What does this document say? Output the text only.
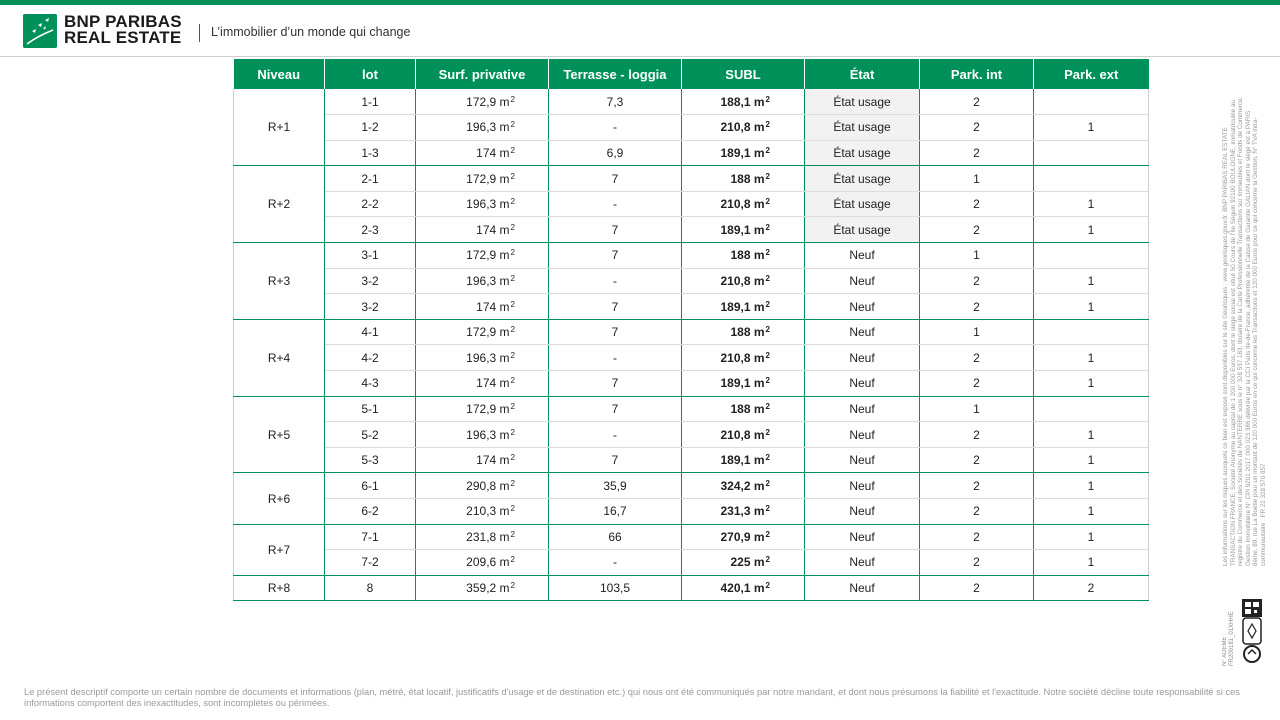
BNP PARIBAS
REAL ESTATE L’immobilier d’un monde qui change
Niveau	lot	Surf. privative	Terrasse - loggia	SUBL	État	Park. int	Park. ext
R+1	1-1	172,9 $m^2$	7,3	188,1 $m^2$	État usage	2	
	1-2	196,3 $m^2$	-	210,8 $m^2$	État usage	2	1
	1-3	174 $m^2$	6,9	189,1 $m^2$	État usage	2	
R+2	2-1	172,9 $m^2$	7	188 $m^2$	État usage	1	
	2-2	196,3 $m^2$	-	210,8 $m^2$	État usage	2	1
	2-3	174 $m^2$	7	189,1 $m^2$	État usage	2	1
R+3	3-1	172,9 $m^2$	7	188 $m^2$	Neuf	1	
	3-2	196,3 $m^2$	-	210,8 $m^2$	Neuf	2	1
	3-2	174 $m^2$	7	189,1 $m^2$	Neuf	2	1
R+4	4-1	172,9 $m^2$	7	188 $m^2$	Neuf	1	
	4-2	196,3 $m^2$	-	210,8 $m^2$	Neuf	2	1
	4-3	174 $m^2$	7	189,1 $m^2$	Neuf	2	1
R+5	5-1	172,9 $m^2$	7	188 $m^2$	Neuf	1	
	5-2	196,3 $m^2$	-	210,8 $m^2$	Neuf	2	1
	5-3	174 $m^2$	7	189,1 $m^2$	Neuf	2	1
R+6	6-1	290,8 $m^2$	35,9	324,2 $m^2$	Neuf	2	1
	6-2	210,3 $m^2$	16,7	231,3 $m^2$	Neuf	2	1
R+7	7-1	231,8 $m^2$	66	270,9 $m^2$	Neuf	2	1
	7-2	209,6 $m^2$	-	225 $m^2$	Neuf	2	1
R+8	8	359,2 $m^2$	103,5	420,1 $m^2$	Neuf	2	2
Les informations sur les risques auxquels ce bien est exposé sont disponibles sur le site Géorisques : www.georisques.gouv.fr. BNP PARIBAS REAL ESTATE TRANSACTION FRANCE, Société Anonyme au capital de 1 200 000 Euros, dont le siège social est situé 50 Cours de l'Île Seguin 92100 BOULOGNE, immatriculée au registre du Commerce et des Sociétés de NANTERRE sous le n° 328 537 183, titulaire de la Carte Professionnelle Transactions sur Immeubles et Fonds de Commerce, Gestion Immobilière N° CPI 9201 2017 000 023 386 délivrée par la CCI Paris Ile-de-France, adhérente de la Caisse de Garantie GALIAN dont le siège est à PARIS 8ème, 89, rue La Boétie pour un montant de 120 000 Euros en ce qui concerne les Transactions et 120 000 Euros pour ce qui concerne la Gestion, N° TVA intra-communautaire : FR 22 328 570 857
N° ADEME : FR200181_01XHHE
Le présent descriptif comporte un certain nombre de documents et informations (plan, métré, état locatif, justificatifs d'usage et de destination etc.) qui nous ont été communiqués par notre mandant, et dont nous présumons la fiabilité et l'exactitude. Notre société décline toute responsabilité si ces informations comportent des inexactitudes, sont incomplètes ou périmées.
